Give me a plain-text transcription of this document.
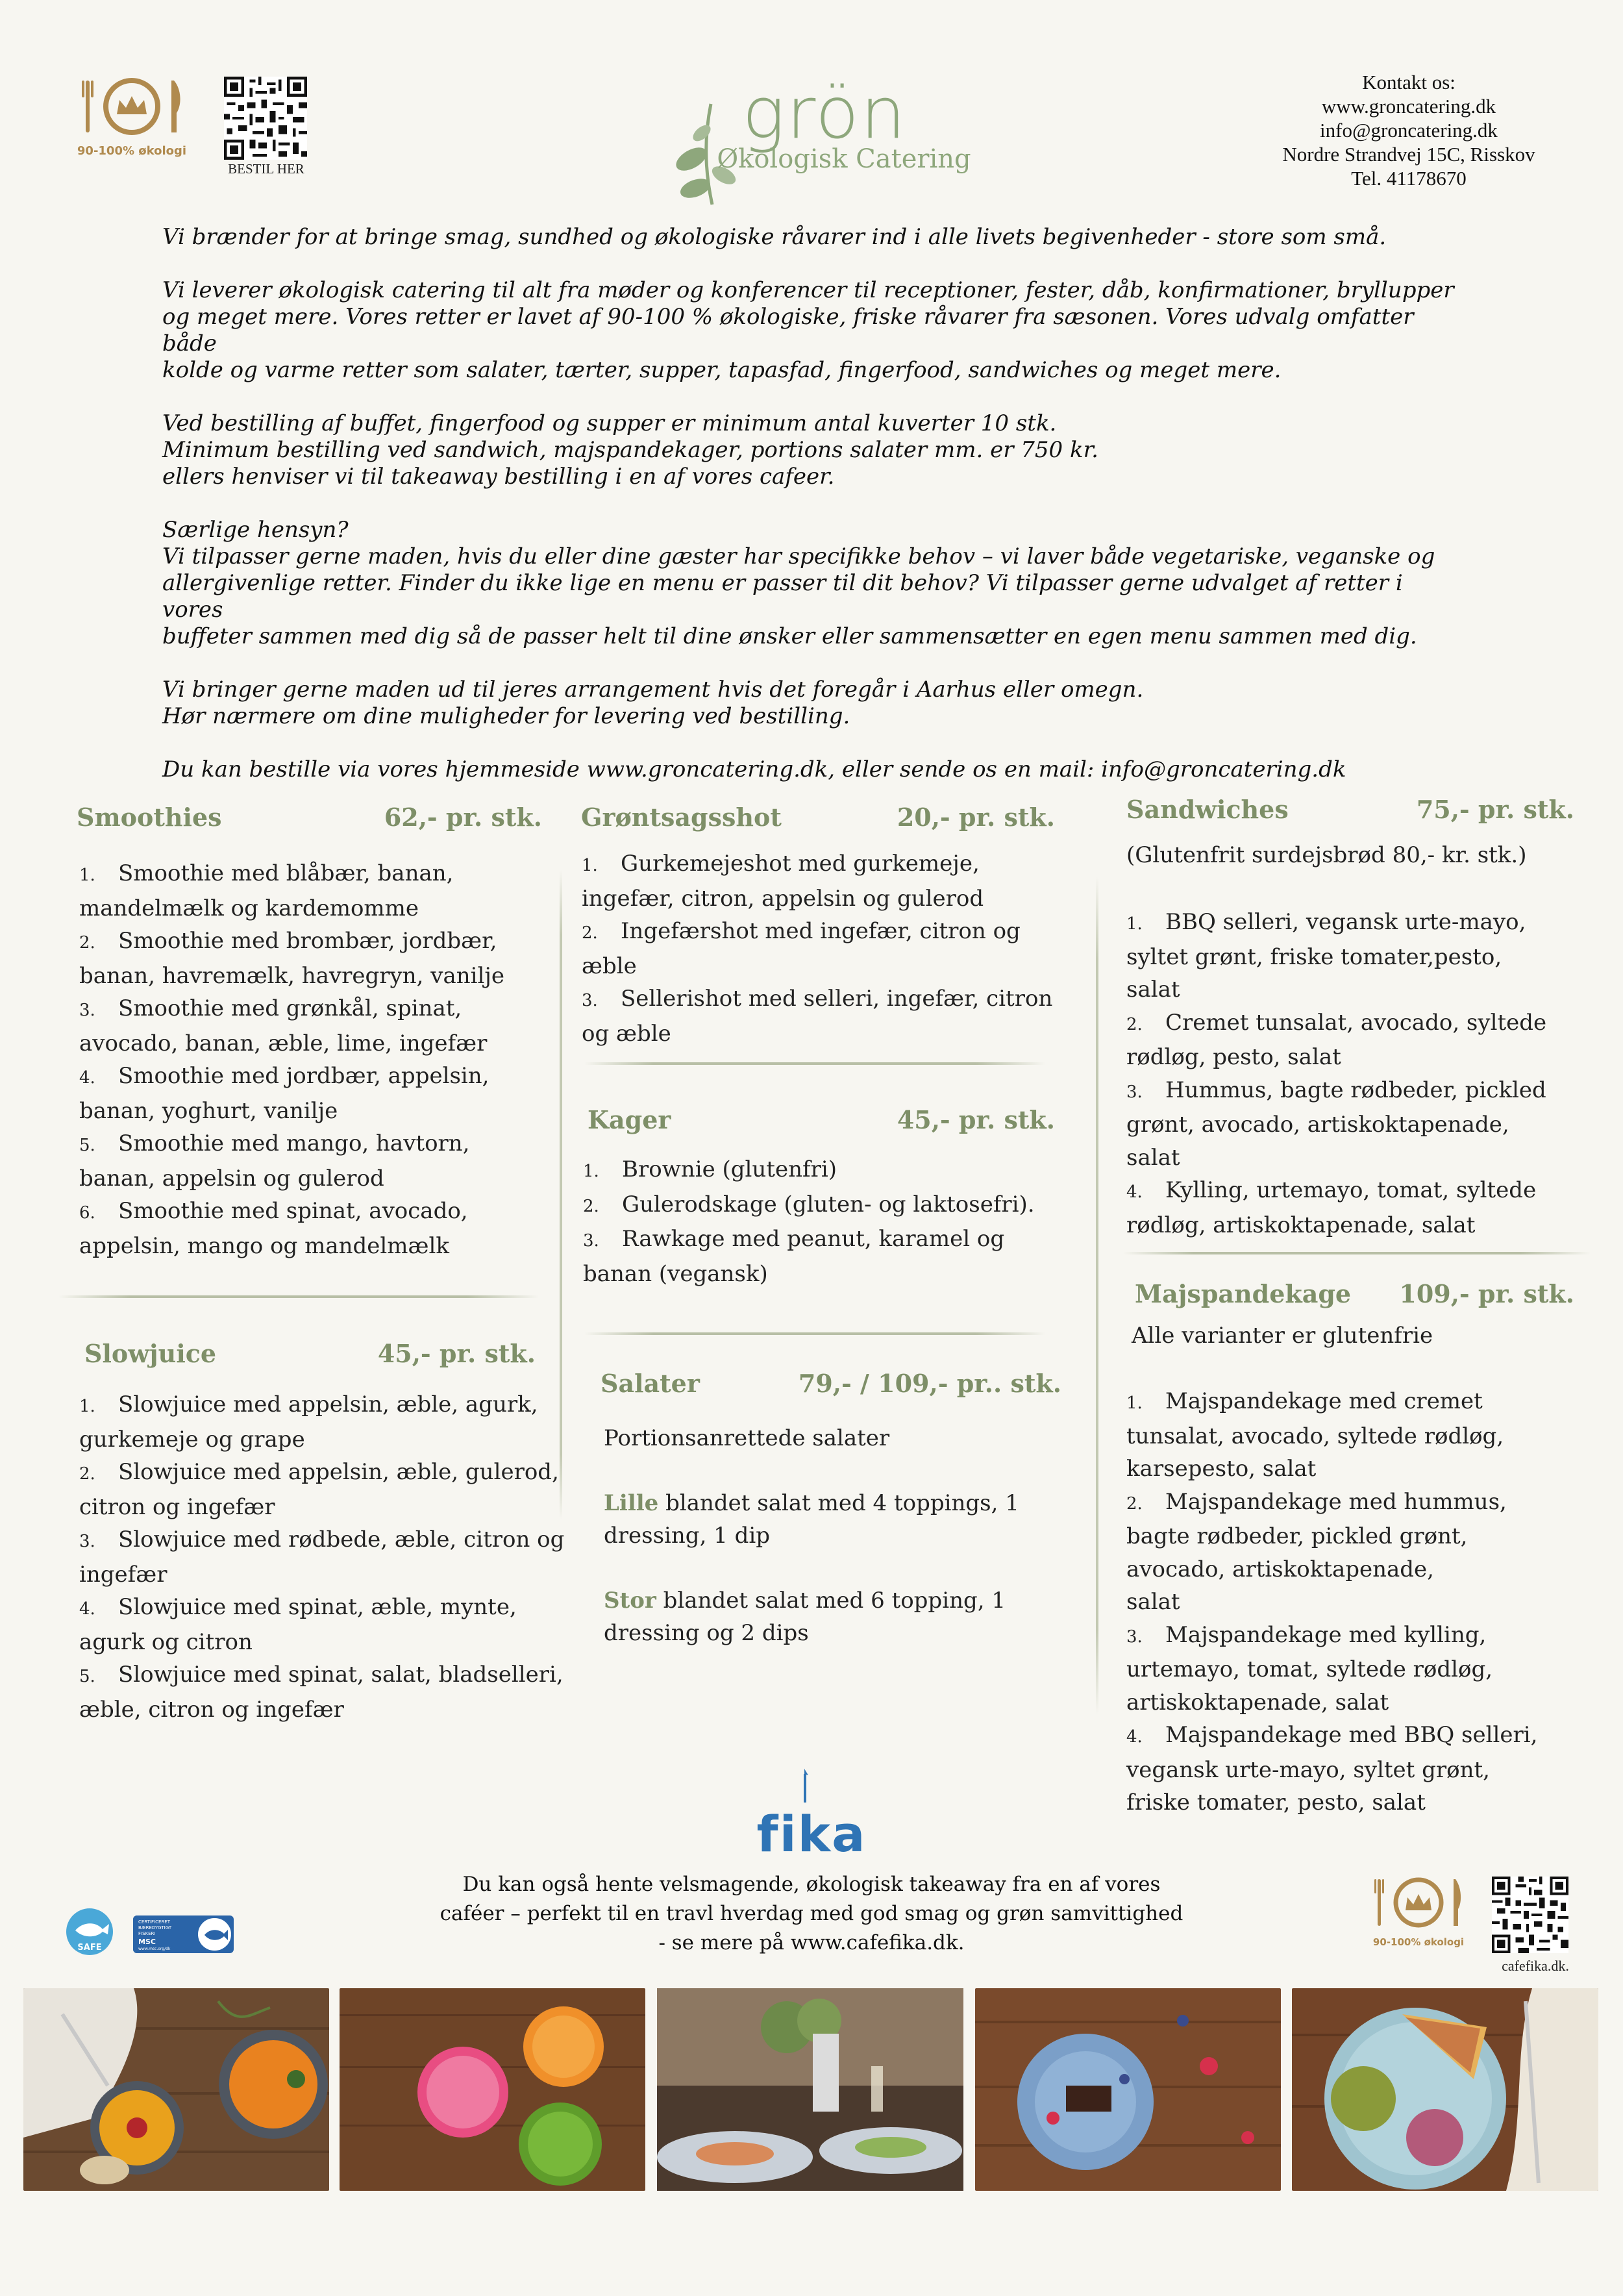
90-100% økologi
BESTIL HER
grön
Økologisk Catering
Kontakt os:
www.groncatering.dk
info@groncatering.dk
Nordre Strandvej 15C, Risskov
Tel. 41178670

Vi brænder for at bringe smag, sundhed og økologiske råvarer ind i alle livets begivenheder - store som små.

Vi leverer økologisk catering til alt fra møder og konferencer til receptioner, fester, dåb, konfirmationer, bryllupper
og meget mere. Vores retter er lavet af 90-100 % økologiske, friske råvarer fra sæsonen. Vores udvalg omfatter både
kolde og varme retter som salater, tærter, supper, tapasfad, fingerfood, sandwiches og meget mere.

Ved bestilling af buffet, fingerfood og supper er minimum antal kuverter 10 stk.
Minimum bestilling ved sandwich, majspandekager, portions salater mm. er 750 kr.
ellers henviser vi til takeaway bestilling i en af vores cafeer.

Særlige hensyn?
Vi tilpasser gerne maden, hvis du eller dine gæster har specifikke behov – vi laver både vegetariske, veganske og
allergivenlige retter. Finder du ikke lige en menu er passer til dit behov? Vi tilpasser gerne udvalget af retter i vores
buffeter sammen med dig så de passer helt til dine ønsker eller sammensætter en egen menu sammen med dig.

Vi bringer gerne maden ud til jeres arrangement hvis det foregår i Aarhus eller omegn.
Hør nærmere om dine muligheder for levering ved bestilling.

Du kan bestille via vores hjemmeside www.groncatering.dk, eller sende os en mail: info@groncatering.dk

Smoothies	62,- pr. stk.
1. Smoothie med blåbær, banan,
mandelmælk og kardemomme
2. Smoothie med brombær, jordbær,
banan, havremælk, havregryn, vanilje
3. Smoothie med grønkål, spinat,
avocado, banan, æble, lime, ingefær
4. Smoothie med jordbær, appelsin,
banan, yoghurt, vanilje
5. Smoothie med mango, havtorn,
banan, appelsin og gulerod
6. Smoothie med spinat, avocado,
appelsin, mango og mandelmælk
Slowjuice	45,- pr. stk.
1. Slowjuice med appelsin, æble, agurk,
gurkemeje og grape
2. Slowjuice med appelsin, æble, gulerod,
citron og ingefær
3. Slowjuice med rødbede, æble, citron og
ingefær
4. Slowjuice med spinat, æble, mynte,
agurk og citron
5. Slowjuice med spinat, salat, bladselleri,
æble, citron og ingefær
Grøntsagsshot	20,- pr. stk.
1. Gurkemejeshot med gurkemeje,
ingefær, citron, appelsin og gulerod
2. Ingefærshot med ingefær, citron og
æble
3. Sellerishot med selleri, ingefær, citron
og æble
Kager	45,- pr. stk.
1. Brownie (glutenfri)
2. Gulerodskage (gluten- og laktosefri).
3. Rawkage med peanut, karamel og
banan (vegansk)
Salater	79,- / 109,- pr.. stk.
Portionsanrettede salater
Lille blandet salat med 4 toppings, 1
dressing, 1 dip
Stor blandet salat med 6 topping, 1
dressing og 2 dips
Sandwiches	75,- pr. stk.
(Glutenfrit surdejsbrød 80,- kr. stk.)
1. BBQ selleri, vegansk urte-mayo,
syltet grønt, friske tomater,pesto,
salat
2. Cremet tunsalat, avocado, syltede
rødløg, pesto, salat
3. Hummus, bagte rødbeder, pickled
grønt, avocado, artiskoktapenade,
salat
4. Kylling, urtemayo, tomat, syltede
rødløg, artiskoktapenade, salat
Majspandekage	109,- pr. stk.
Alle varianter er glutenfrie
1. Majspandekage med cremet
tunsalat, avocado, syltede rødløg,
karsepesto, salat
2. Majspandekage med hummus,
bagte rødbeder, pickled grønt,
avocado, artiskoktapenade,
salat
3. Majspandekage med kylling,
urtemayo, tomat, syltede rødløg,
artiskoktapenade, salat
4. Majspandekage med BBQ selleri,
vegansk urte-mayo, syltet grønt,
friske tomater, pesto, salat
fika
Du kan også hente velsmagende, økologisk takeaway fra en af vores
caféer – perfekt til en travl hverdag med god smag og grøn samvittighed
- se mere på www.cafefika.dk.
SAFE
CERTIFICERET
BÆREDYGTIGT
FISKERI
MSC
www.msc.org/dk
90-100% økologi
cafefika.dk.
